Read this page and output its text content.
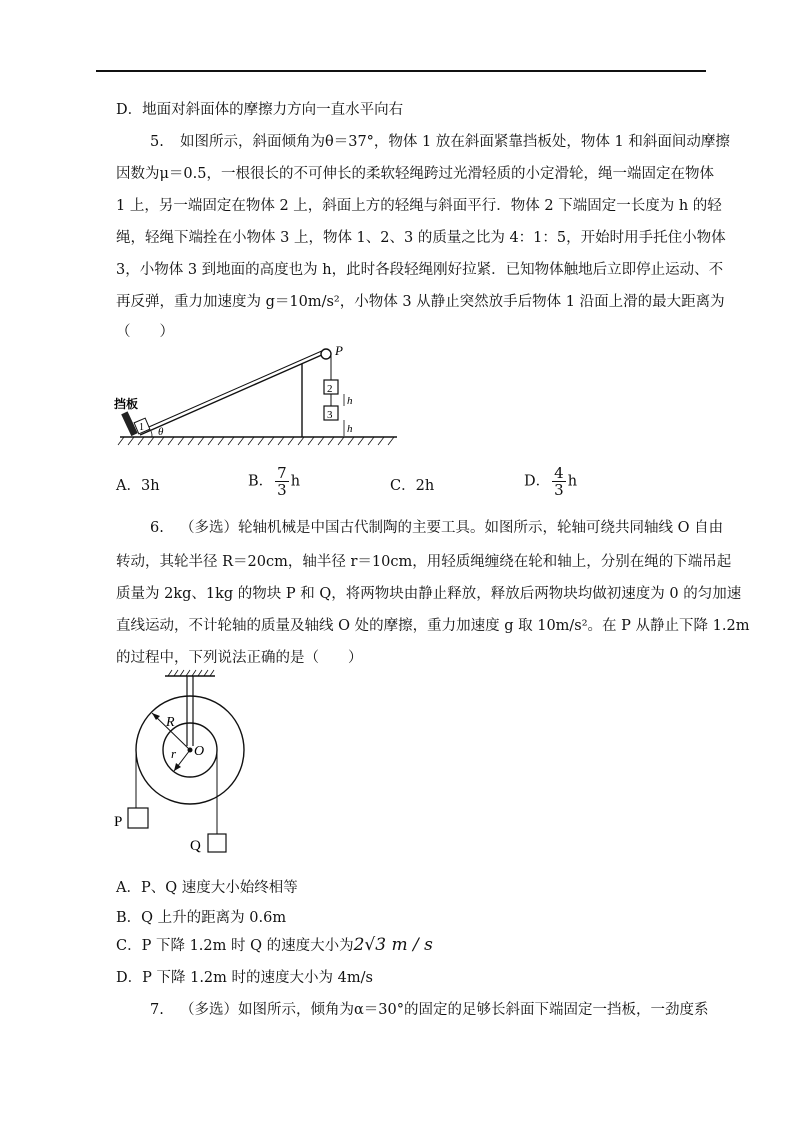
D．地面对斜面体的摩擦力方向一直水平向右
5. 如图所示，斜面倾角为θ＝37°，物体 1 放在斜面紧靠挡板处，物体 1 和斜面间动摩擦
因数为μ＝0.5，一根很长的不可伸长的柔软轻绳跨过光滑轻质的小定滑轮，绳一端固定在物体
1 上，另一端固定在物体 2 上，斜面上方的轻绳与斜面平行．物体 2 下端固定一长度为 h 的轻
绳，轻绳下端拴在小物体 3 上，物体 1、2、3 的质量之比为 4：1：5，开始时用手托住小物体
3，小物体 3 到地面的高度也为 h，此时各段轻绳刚好拉紧．已知物体触地后立即停止运动、不
再反弹，重力加速度为 g＝10m/s²，小物体 3 从静止突然放手后物体 1 沿面上滑的最大距离为
（　　）
P
挡板
1 θ
2
3
h
h
A．3h	B． $\frac{7}{3}$ h	C．2h	D． $\frac{4}{3}$ h
6. （多选）轮轴机械是中国古代制陶的主要工具。如图所示，轮轴可绕共同轴线 O 自由
转动，其轮半径 R＝20cm，轴半径 r＝10cm，用轻质绳缠绕在轮和轴上，分别在绳的下端吊起
质量为 2kg、1kg 的物块 P 和 Q，将两物块由静止释放，释放后两物块均做初速度为 0 的匀加速
直线运动，不计轮轴的质量及轴线 O 处的摩擦，重力加速度 g 取 10m/s²。在 P 从静止下降 1.2m
的过程中，下列说法正确的是（　　）
R
r O
P
Q
A．P、Q 速度大小始终相等
B．Q 上升的距离为 0.6m
C．P 下降 1.2m 时 Q 的速度大小为2√3 m / s
D．P 下降 1.2m 时的速度大小为 4m/s
7. （多选）如图所示，倾角为α＝30°的固定的足够长斜面下端固定一挡板，一劲度系
